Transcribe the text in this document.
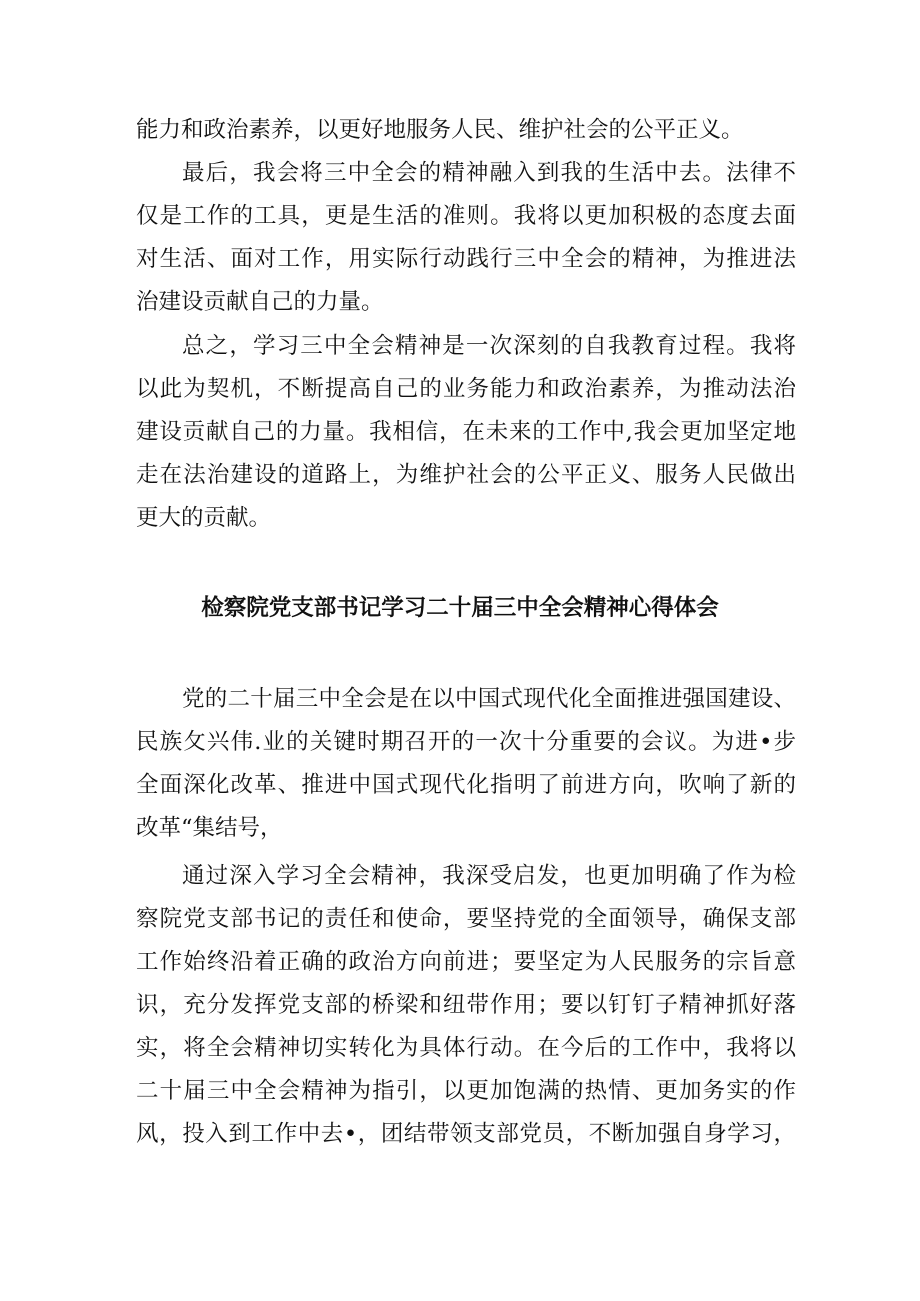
能力和政治素养，以更好地服务人民、维护社会的公平正义。
最后，我会将三中全会的精神融入到我的生活中去。法律不
仅是工作的工具，更是生活的准则。我将以更加积极的态度去面
对生活、面对工作，用实际行动践行三中全会的精神，为推进法
治建设贡献自己的力量。
总之，学习三中全会精神是一次深刻的自我教育过程。我将
以此为契机，不断提高自己的业务能力和政治素养，为推动法治
建设贡献自己的力量。我相信，在未来的工作中,我会更加坚定地
走在法治建设的道路上，为维护社会的公平正义、服务人民做出
更大的贡献。
检察院党支部书记学习二十届三中全会精神心得体会
党的二十届三中全会是在以中国式现代化全面推进强国建设、
民族攵兴伟.业的关键时期召开的一次十分重要的会议。为进•步
全面深化改革、推进中国式现代化指明了前进方向，吹响了新的
改革“集结号，
通过深入学习全会精神，我深受启发，也更加明确了作为检
察院党支部书记的责任和使命，要坚持党的全面领导，确保支部
工作始终沿着正确的政治方向前进；要坚定为人民服务的宗旨意
识，充分发挥党支部的桥梁和纽带作用；要以钉钉子精神抓好落
实，将全会精神切实转化为具体行动。在今后的工作中，我将以
二十届三中全会精神为指引，以更加饱满的热情、更加务实的作
风，投入到工作中去•，团结带领支部党员，不断加强自身学习，
